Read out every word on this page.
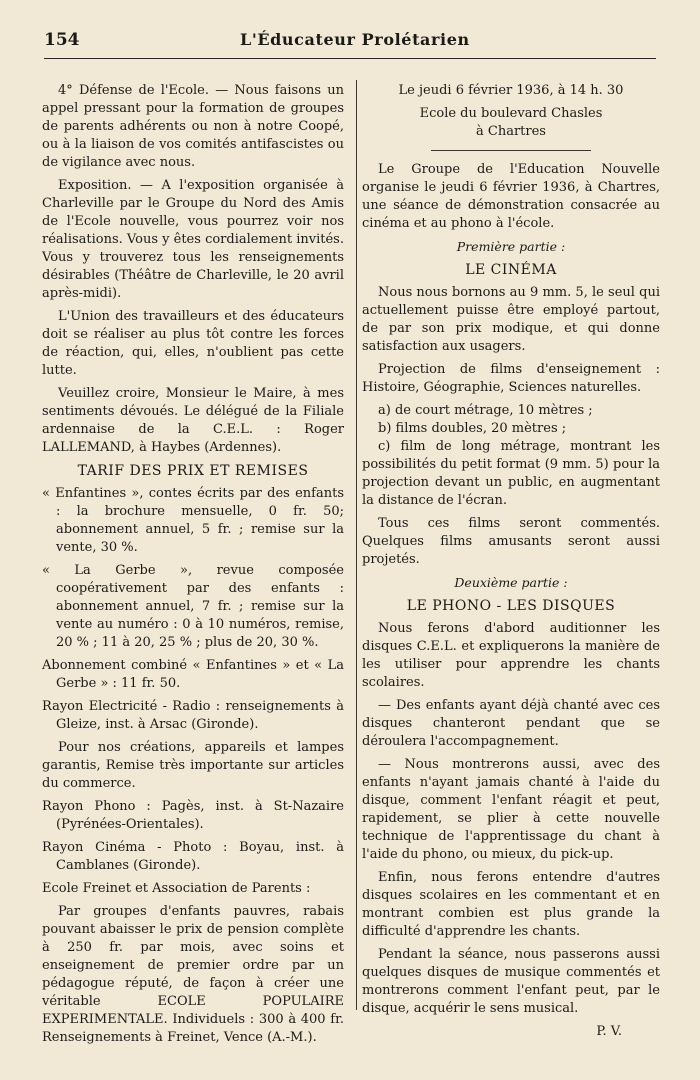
154	L'Éducateur Prolétarien

4° Défense de l'Ecole. — Nous faisons un appel pressant pour la formation de groupes de parents adhérents ou non à notre Coopé, ou à la liaison de vos comités antifascistes ou de vigilance avec nous.

Exposition. — A l'exposition organisée à Charleville par le Groupe du Nord des Amis de l'Ecole nouvelle, vous pourrez voir nos réalisations. Vous y êtes cordialement invités. Vous y trouverez tous les renseignements désirables (Théâtre de Charleville, le 20 avril après-midi).

L'Union des travailleurs et des éducateurs doit se réaliser au plus tôt contre les forces de réaction, qui, elles, n'oublient pas cette lutte.

Veuillez croire, Monsieur le Maire, à mes sentiments dévoués. Le délégué de la Filiale ardennaise de la C.E.L. : Roger LALLEMAND, à Haybes (Ardennes).

TARIF DES PRIX ET REMISES

« Enfantines », contes écrits par des enfants : la brochure mensuelle, 0 fr. 50; abonnement annuel, 5 fr. ; remise sur la vente, 30 %.

« La Gerbe », revue composée coopérativement par des enfants : abonnement annuel, 7 fr. ; remise sur la vente au numéro : 0 à 10 numéros, remise, 20 % ; 11 à 20, 25 % ; plus de 20, 30 %.

Abonnement combiné « Enfantines » et « La Gerbe » : 11 fr. 50.

Rayon Electricité - Radio : renseignements à Gleize, inst. à Arsac (Gironde).

Pour nos créations, appareils et lampes garantis, Remise très importante sur articles du commerce.

Rayon Phono : Pagès, inst. à St-Nazaire (Pyrénées-Orientales).

Rayon Cinéma - Photo : Boyau, inst. à Camblanes (Gironde).

Ecole Freinet et Association de Parents :

Par groupes d'enfants pauvres, rabais pouvant abaisser le prix de pension complète à 250 fr. par mois, avec soins et enseignement de premier ordre par un pédagogue réputé, de façon à créer une véritable ECOLE POPULAIRE EXPERIMENTALE. Individuels : 300 à 400 fr. Renseignements à Freinet, Vence (A.-M.).

Le jeudi 6 février 1936, à 14 h. 30

Ecole du boulevard Chasles

à Chartres

Le Groupe de l'Education Nouvelle organise le jeudi 6 février 1936, à Chartres, une séance de démonstration consacrée au cinéma et au phono à l'école.

Première partie :

LE CINÉMA

Nous nous bornons au 9 mm. 5, le seul qui actuellement puisse être employé partout, de par son prix modique, et qui donne satisfaction aux usagers.

Projection de films d'enseignement : Histoire, Géographie, Sciences naturelles.

a) de court métrage, 10 mètres ;

b) films doubles, 20 mètres ;

c) film de long métrage, montrant les possibilités du petit format (9 mm. 5) pour la projection devant un public, en augmentant la distance de l'écran.

Tous ces films seront commentés. Quelques films amusants seront aussi projetés.

Deuxième partie :

LE PHONO - LES DISQUES

Nous ferons d'abord auditionner les disques C.E.L. et expliquerons la manière de les utiliser pour apprendre les chants scolaires.

— Des enfants ayant déjà chanté avec ces disques chanteront pendant que se déroulera l'accompagnement.

— Nous montrerons aussi, avec des enfants n'ayant jamais chanté à l'aide du disque, comment l'enfant réagit et peut, rapidement, se plier à cette nouvelle technique de l'apprentissage du chant à l'aide du phono, ou mieux, du pick-up.

Enfin, nous ferons entendre d'autres disques scolaires en les commentant et en montrant combien est plus grande la difficulté d'apprendre les chants.

Pendant la séance, nous passerons aussi quelques disques de musique commentés et montrerons comment l'enfant peut, par le disque, acquérir le sens musical.

P. V.
